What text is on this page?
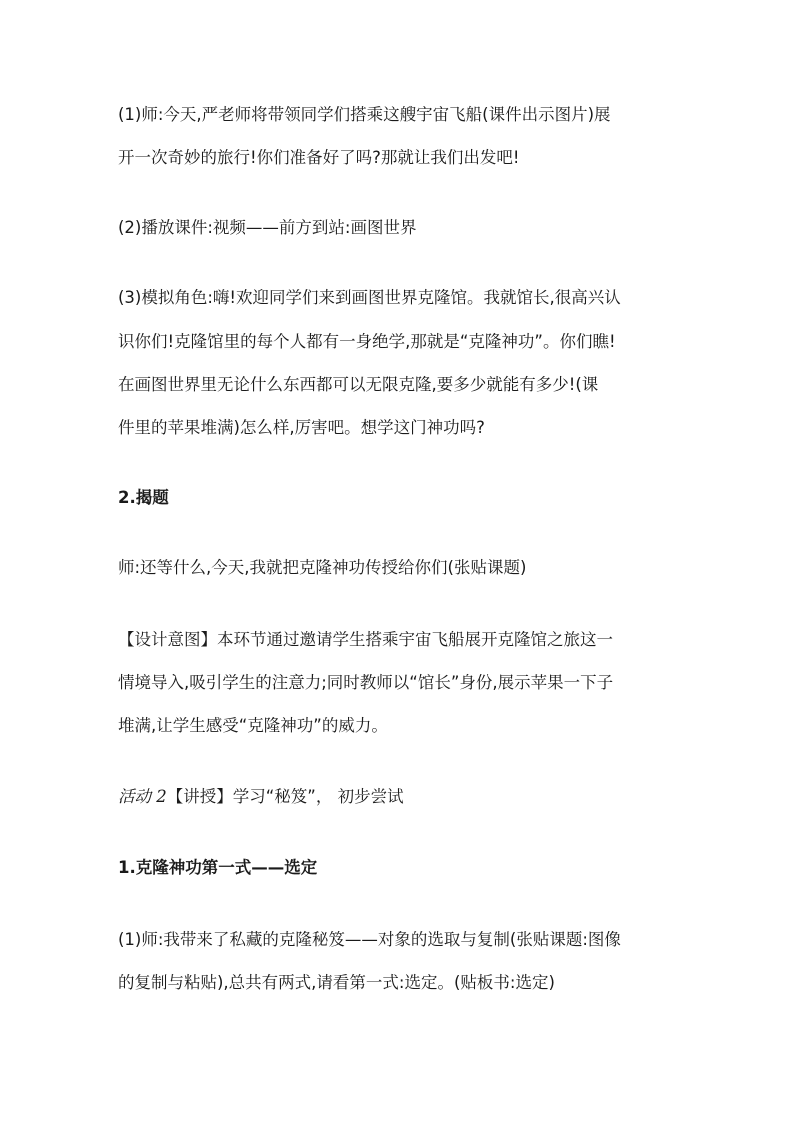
(1)师:今天,严老师将带领同学们搭乘这艘宇宙飞船(课件出示图片)展
开一次奇妙的旅行!你们准备好了吗?那就让我们出发吧!
(2)播放课件:视频——前方到站:画图世界
(3)模拟角色:嗨!欢迎同学们来到画图世界克隆馆。我就馆长,很高兴认
识你们!克隆馆里的每个人都有一身绝学,那就是“克隆神功”。你们瞧!
在画图世界里无论什么东西都可以无限克隆,要多少就能有多少!(课
件里的苹果堆满)怎么样,厉害吧。想学这门神功吗?
2.揭题
师:还等什么,今天,我就把克隆神功传授给你们(张贴课题)
【设计意图】本环节通过邀请学生搭乘宇宙飞船展开克隆馆之旅这一
情境导入,吸引学生的注意力;同时教师以“馆长”身份,展示苹果一下子
堆满,让学生感受“克隆神功”的威力。
活动 2【讲授】学习“秘笈”， 初步尝试
1.克隆神功第一式——选定
(1)师:我带来了私藏的克隆秘笈——对象的选取与复制(张贴课题:图像
的复制与粘贴),总共有两式,请看第一式:选定。(贴板书:选定)
